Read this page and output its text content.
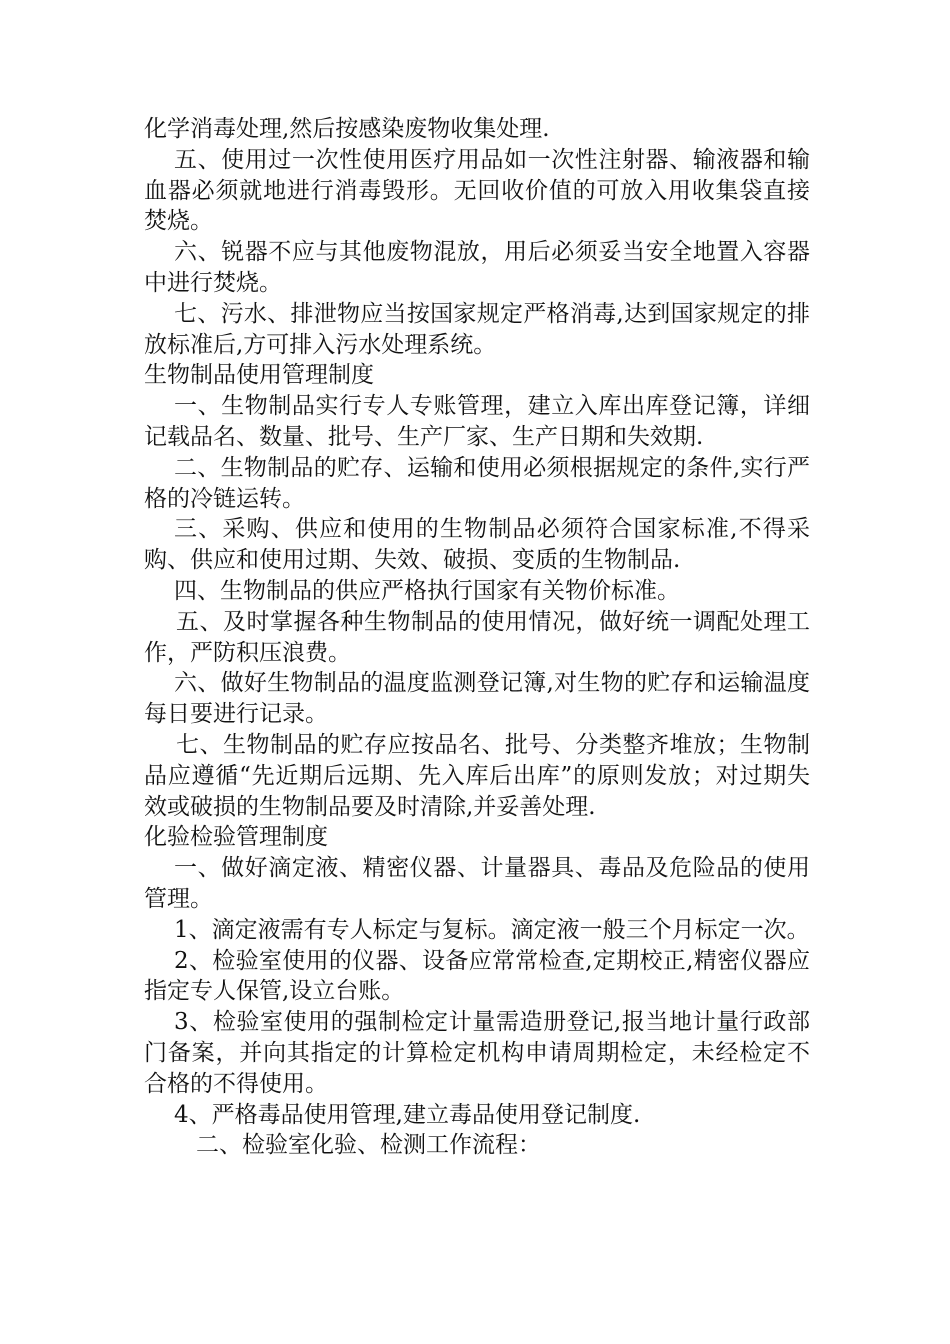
化学消毒处理,然后按感染废物收集处理.

五、使用过一次性使用医疗用品如一次性注射器、输液器和输血器必须就地进行消毒毁形。无回收价值的可放入用收集袋直接焚烧。

六、锐器不应与其他废物混放，用后必须妥当安全地置入容器中进行焚烧。

七、污水、排泄物应当按国家规定严格消毒,达到国家规定的排放标准后,方可排入污水处理系统。

生物制品使用管理制度

一、生物制品实行专人专账管理，建立入库出库登记簿，详细记载品名、数量、批号、生产厂家、生产日期和失效期.

二、生物制品的贮存、运输和使用必须根据规定的条件,实行严格的冷链运转。

三、采购、供应和使用的生物制品必须符合国家标准,不得采购、供应和使用过期、失效、破损、变质的生物制品.

四、生物制品的供应严格执行国家有关物价标准。

五、及时掌握各种生物制品的使用情况，做好统一调配处理工作，严防积压浪费。

六、做好生物制品的温度监测登记簿,对生物的贮存和运输温度每日要进行记录。

七、生物制品的贮存应按品名、批号、分类整齐堆放；生物制品应遵循“先近期后远期、先入库后出库”的原则发放；对过期失效或破损的生物制品要及时清除,并妥善处理.

化验检验管理制度

一、做好滴定液、精密仪器、计量器具、毒品及危险品的使用管理。

1、滴定液需有专人标定与复标。滴定液一般三个月标定一次。

2、检验室使用的仪器、设备应常常检查,定期校正,精密仪器应指定专人保管,设立台账。

3、检验室使用的强制检定计量需造册登记,报当地计量行政部门备案，并向其指定的计算检定机构申请周期检定，未经检定不合格的不得使用。

4、严格毒品使用管理,建立毒品使用登记制度.

二、检验室化验、检测工作流程：
